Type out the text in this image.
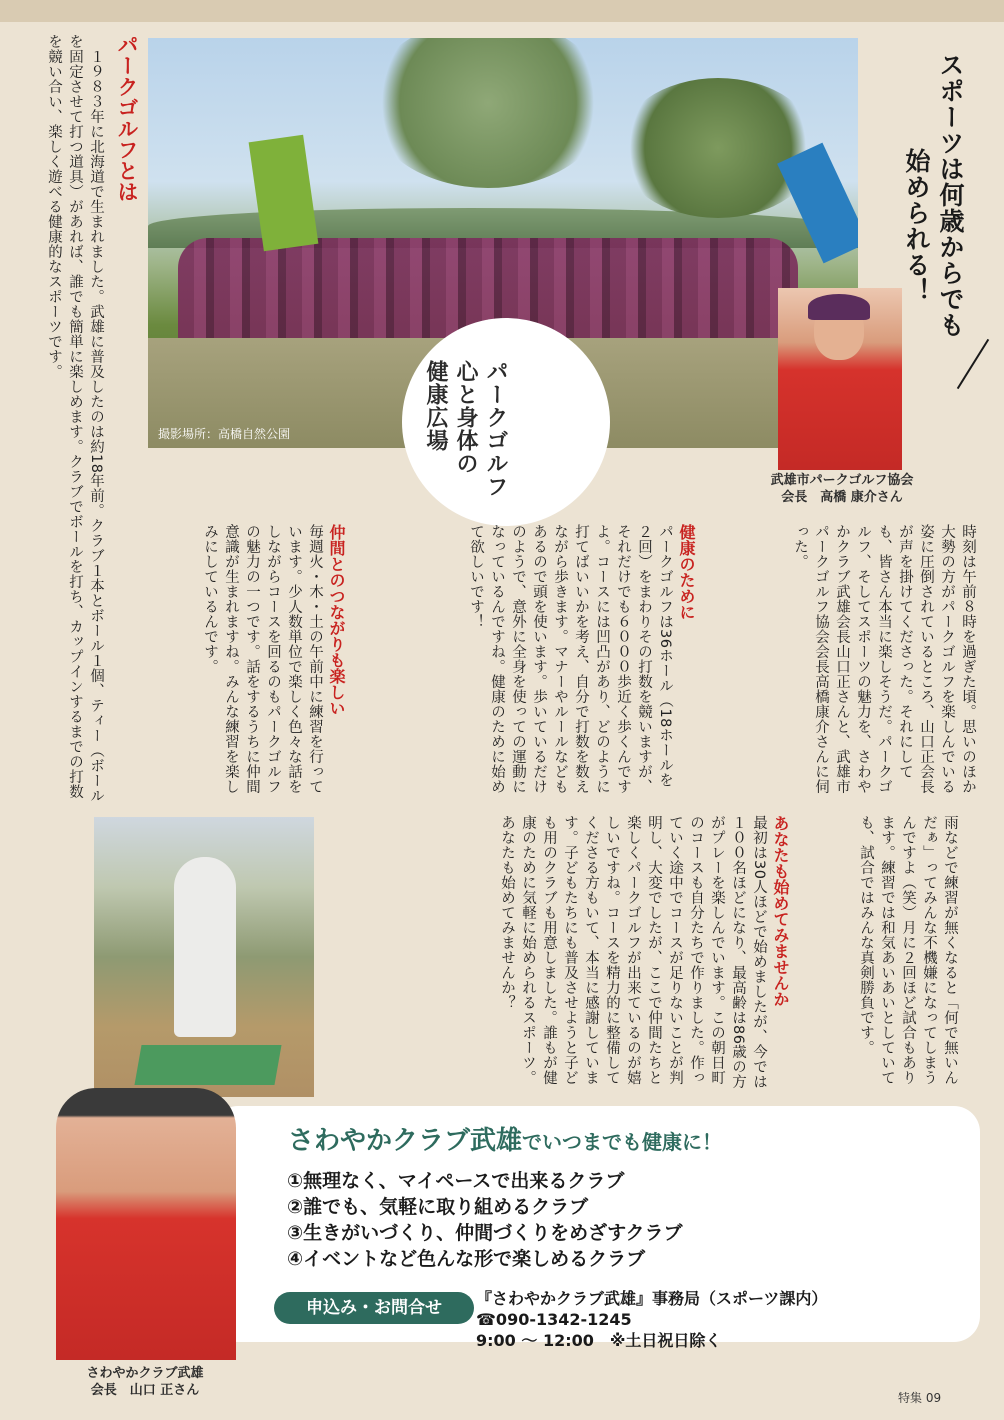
撮影場所：高橋自然公園	パークゴルフ
心と身体の
健康広場
スポーツは何歳からでも
始められる！
武雄市パークゴルフ協会
会長　高橋 康介さん
パークゴルフとは
　１９８３年に北海道で生まれました。武雄に普及したのは約18年前。クラブ１本とボール１個、ティー（ボールを固定させて打つ道具）があれば、誰でも簡単に楽しめます。クラブでボールを打ち、カップインするまでの打数を競い合い、楽しく遊べる健康的なスポーツです。
時刻は午前８時を過ぎた頃。思いのほか大勢の方がパークゴルフを楽しんでいる姿に圧倒されているところ、山口正会長が声を掛けてくださった。それにしても、皆さん本当に楽しそうだ。パークゴルフ、そしてスポーツの魅力を、さわやかクラブ武雄会長山口正さんと、武雄市パークゴルフ協会会長高橋康介さんに伺った。
健康のために
パークゴルフは36ホール（18ホールを２回）をまわりその打数を競いますが、それだけでも６０００歩近く歩くんですよ。コースには凹凸があり、どのように打てばいいかを考え、自分で打数を数えながら歩きます。マナーやルールなどもあるので頭を使います。歩いているだけのようで、意外に全身を使っての運動になっているんですね。健康のために始めて欲しいです！
仲間とのつながりも楽しい
毎週火・木・土の午前中に練習を行っています。少人数単位で楽しく色々な話をしながらコースを回るのもパークゴルフの魅力の一つです。話をするうちに仲間意識が生まれますね。みんな練習を楽しみにしているんです。
雨などで練習が無くなると「何で無いんだぁ」ってみんな不機嫌になってしまうんですよ（笑）月に２回ほど試合もあります。練習では和気あいあいとしていても、試合ではみんな真剣勝負です。
あなたも始めてみませんか
最初は30人ほどで始めましたが、今では１００名ほどになり、最高齢は86歳の方がプレーを楽しんでいます。この朝日町のコースも自分たちで作りました。作っていく途中でコースが足りないことが判明し、大変でしたが、ここで仲間たちと楽しくパークゴルフが出来ているのが嬉しいですね。コースを精力的に整備してくださる方もいて、本当に感謝しています。子どもたちにも普及させようと子ども用のクラブも用意しました。誰もが健康のために気軽に始められるスポーツ。あなたも始めてみませんか？
さわやかクラブ武雄でいつまでも健康に！
①無理なく、マイペースで出来るクラブ
②誰でも、気軽に取り組めるクラブ
③生きがいづくり、仲間づくりをめざすクラブ
④イベントなど色んな形で楽しめるクラブ
申込み・お問合せ	『さわやかクラブ武雄』事務局（スポーツ課内）
☎090-1342-1245
9:00 ～ 12:00　※土日祝日除く
さわやかクラブ武雄
会長　山口 正さん	特集 09
